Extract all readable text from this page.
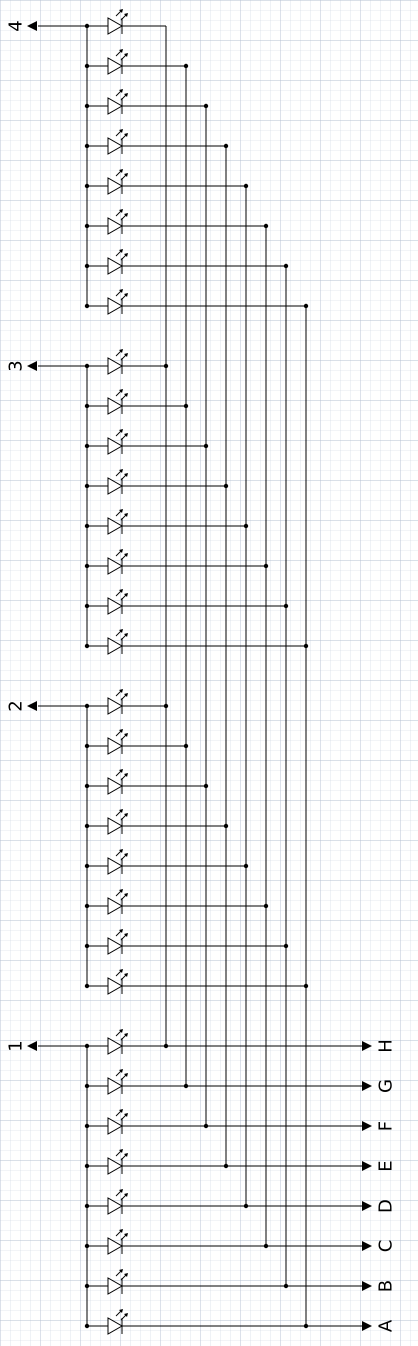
4
3
2
1	H
G
F
E
D
C
B
A
